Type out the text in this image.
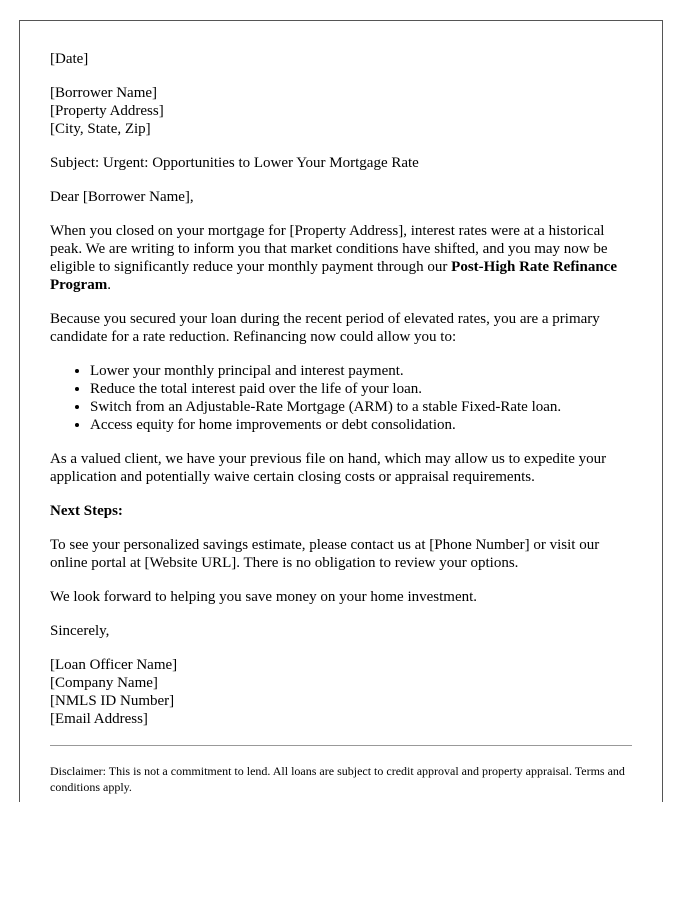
[Date]

[Borrower Name]
[Property Address]
[City, State, Zip]

Subject: Urgent: Opportunities to Lower Your Mortgage Rate

Dear [Borrower Name],

When you closed on your mortgage for [Property Address], interest rates were at a historical peak. We are writing to inform you that market conditions have shifted, and you may now be eligible to significantly reduce your monthly payment through our Post-High Rate Refinance Program.

Because you secured your loan during the recent period of elevated rates, you are a primary candidate for a rate reduction. Refinancing now could allow you to:

• Lower your monthly principal and interest payment.
• Reduce the total interest paid over the life of your loan.
• Switch from an Adjustable-Rate Mortgage (ARM) to a stable Fixed-Rate loan.
• Access equity for home improvements or debt consolidation.

As a valued client, we have your previous file on hand, which may allow us to expedite your application and potentially waive certain closing costs or appraisal requirements.

Next Steps:

To see your personalized savings estimate, please contact us at [Phone Number] or visit our online portal at [Website URL]. There is no obligation to review your options.

We look forward to helping you save money on your home investment.

Sincerely,

[Loan Officer Name]
[Company Name]
[NMLS ID Number]
[Email Address]

Disclaimer: This is not a commitment to lend. All loans are subject to credit approval and property appraisal. Terms and conditions apply.
